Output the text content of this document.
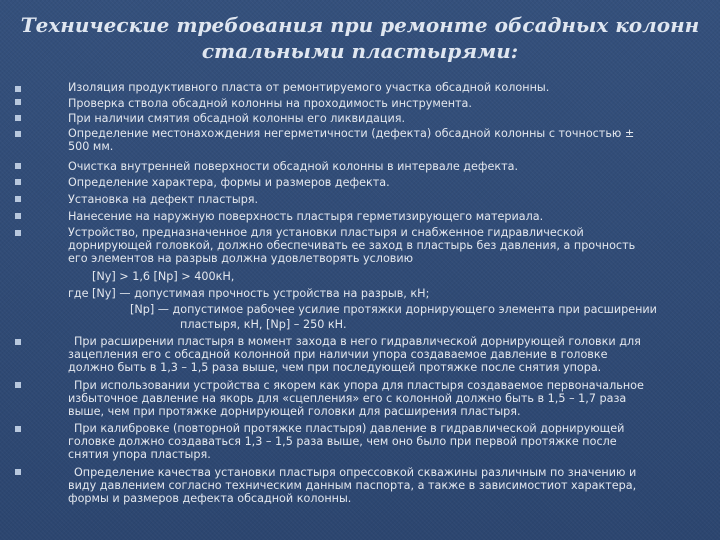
Технические требования при ремонте обсадных колонн
стальными пластырями:
Изоляция продуктивного пласта от ремонтируемого участка обсадной колонны.
Проверка ствола обсадной колонны на проходимость инструмента.
При наличии смятия обсадной колонны его ликвидация.
Определение местонахождения негерметичности (дефекта) обсадной колонны с точностью ±
500 мм.
Очистка внутренней поверхности обсадной колонны в интервале дефекта.
Определение характера, формы и размеров дефекта.
Установка на дефект пластыря.
Нанесение на наружную поверхность пластыря герметизирующего материала.
Устройство, предназначенное для установки пластыря и снабженное гидравлической
дорнирующей головкой, должно обеспечивать ее заход в пластырь без давления, а прочность
его элементов на разрыв должна удовлетворять условию
[Ny] > 1,6 [Np] > 400кН,
где [Ny] — допустимая прочность устройства на разрыв, кН;
[Np] — допустимое рабочее усилие протяжки дорнирующего элемента при расширении
пластыря, кН, [Np] – 250 кН.
При расширении пластыря в момент захода в него гидравлической дорнирующей головки для
зацепления его с обсадной колонной при наличии упора создаваемое давление в головке
должно быть в 1,3 – 1,5 раза выше, чем при последующей протяжке после снятия упора.
При использовании устройства с якорем как упора для пластыря создаваемое первоначальное
избыточное давление на якорь для «сцепления» его с колонной должно быть в 1,5 – 1,7 раза
выше, чем при протяжке дорнирующей головки для расширения пластыря.
При калибровке (повторной протяжке пластыря) давление в гидравлической дорнирующей
головке должно создаваться 1,3 – 1,5 раза выше, чем оно было при первой протяжке после
снятия упора пластыря.
Определение качества установки пластыря опрессовкой скважины различным по значению и
виду давлением согласно техническим данным паспорта, а также в зависимостиот характера,
формы и размеров дефекта обсадной колонны.
